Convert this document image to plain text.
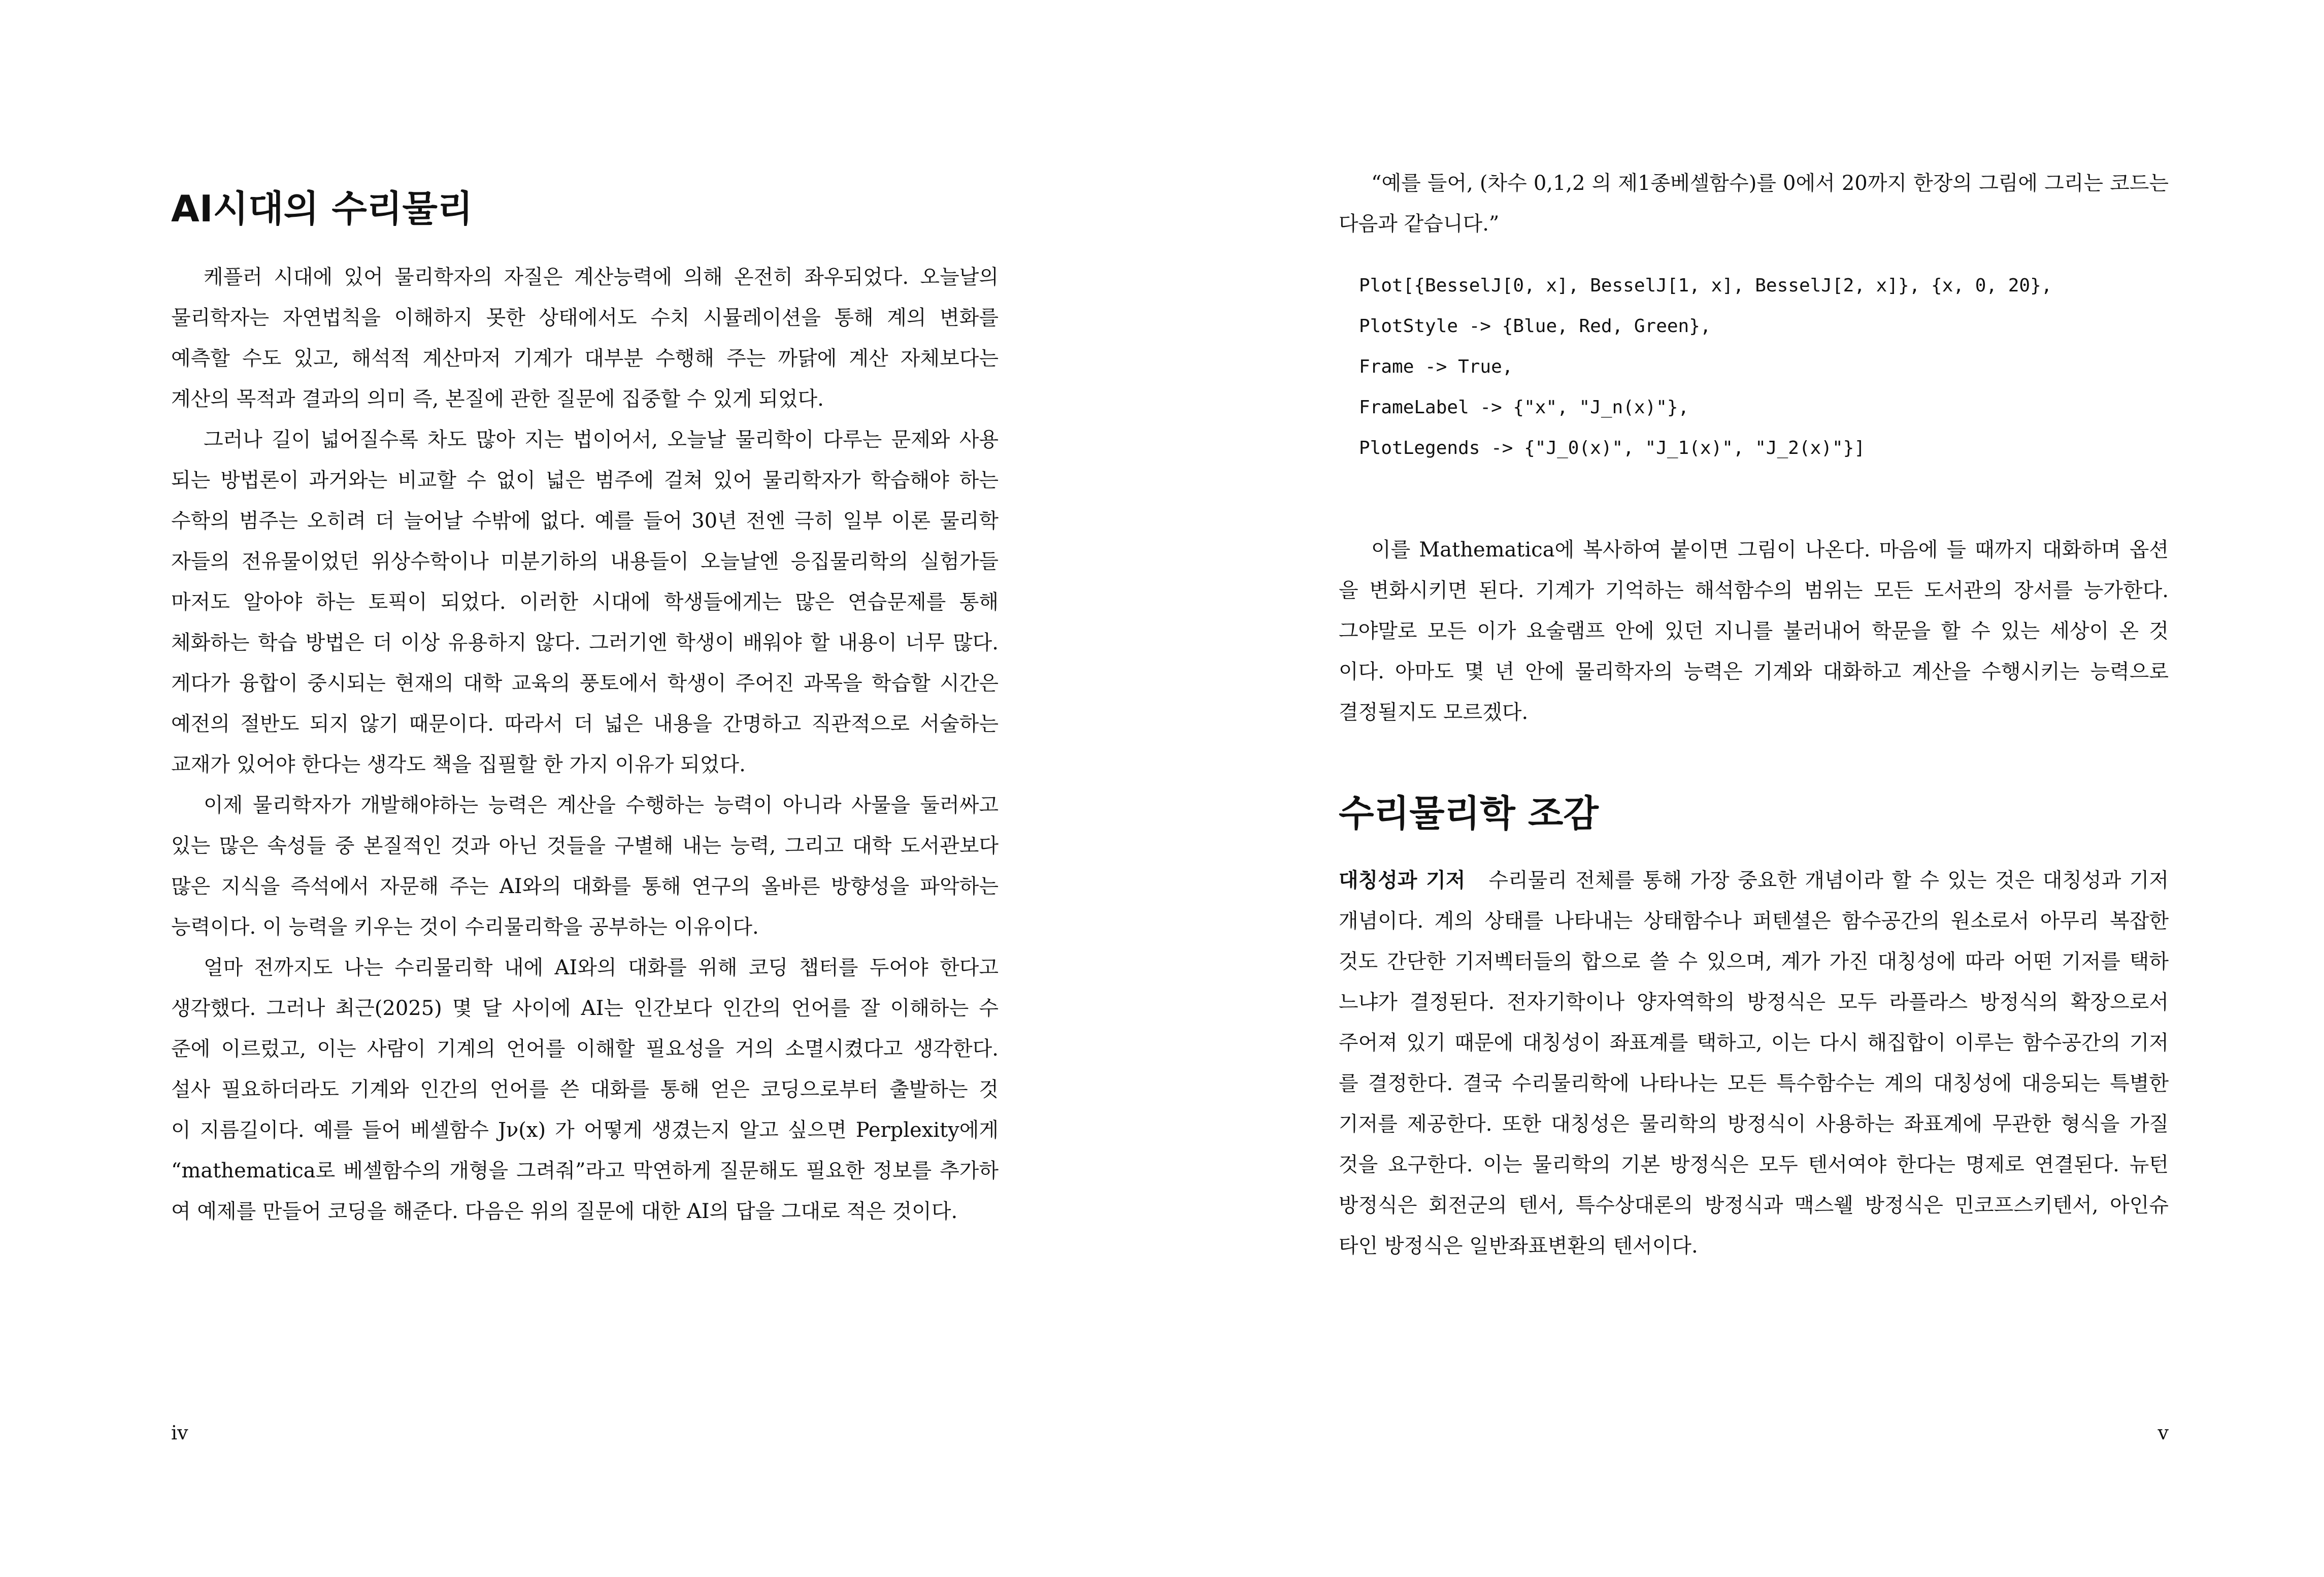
AI시대의 수리물리
케플러 시대에 있어 물리학자의 자질은 계산능력에 의해 온전히 좌우되었다. 오늘날의
물리학자는 자연법칙을 이해하지 못한 상태에서도 수치 시뮬레이션을 통해 계의 변화를
예측할 수도 있고, 해석적 계산마저 기계가 대부분 수행해 주는 까닭에 계산 자체보다는
계산의 목적과 결과의 의미 즉, 본질에 관한 질문에 집중할 수 있게 되었다.
그러나 길이 넓어질수록 차도 많아 지는 법이어서, 오늘날 물리학이 다루는 문제와 사용
되는 방법론이 과거와는 비교할 수 없이 넓은 범주에 걸쳐 있어 물리학자가 학습해야 하는
수학의 범주는 오히려 더 늘어날 수밖에 없다. 예를 들어 30년 전엔 극히 일부 이론 물리학
자들의 전유물이었던 위상수학이나 미분기하의 내용들이 오늘날엔 응집물리학의 실험가들
마저도 알아야 하는 토픽이 되었다. 이러한 시대에 학생들에게는 많은 연습문제를 통해
체화하는 학습 방법은 더 이상 유용하지 않다. 그러기엔 학생이 배워야 할 내용이 너무 많다.
게다가 융합이 중시되는 현재의 대학 교육의 풍토에서 학생이 주어진 과목을 학습할 시간은
예전의 절반도 되지 않기 때문이다. 따라서 더 넓은 내용을 간명하고 직관적으로 서술하는
교재가 있어야 한다는 생각도 책을 집필할 한 가지 이유가 되었다.
이제 물리학자가 개발해야하는 능력은 계산을 수행하는 능력이 아니라 사물을 둘러싸고
있는 많은 속성들 중 본질적인 것과 아닌 것들을 구별해 내는 능력, 그리고 대학 도서관보다
많은 지식을 즉석에서 자문해 주는 AI와의 대화를 통해 연구의 올바른 방향성을 파악하는
능력이다. 이 능력을 키우는 것이 수리물리학을 공부하는 이유이다.
얼마 전까지도 나는 수리물리학 내에 AI와의 대화를 위해 코딩 챕터를 두어야 한다고
생각했다. 그러나 최근(2025) 몇 달 사이에 AI는 인간보다 인간의 언어를 잘 이해하는 수
준에 이르렀고, 이는 사람이 기계의 언어를 이해할 필요성을 거의 소멸시켰다고 생각한다.
설사 필요하더라도 기계와 인간의 언어를 쓴 대화를 통해 얻은 코딩으로부터 출발하는 것
이 지름길이다. 예를 들어 베셀함수 Jν(x) 가 어떻게 생겼는지 알고 싶으면 Perplexity에게
“mathematica로 베셀함수의 개형을 그려줘”라고 막연하게 질문해도 필요한 정보를 추가하
여 예제를 만들어 코딩을 해준다. 다음은 위의 질문에 대한 AI의 답을 그대로 적은 것이다.
iv
“예를 들어, (차수 0,1,2 의 제1종베셀함수)를 0에서 20까지 한장의 그림에 그리는 코드는
다음과 같습니다.”
Plot[{BesselJ[0, x], BesselJ[1, x], BesselJ[2, x]}, {x, 0, 20},
PlotStyle -> {Blue, Red, Green},
Frame -> True,
FrameLabel -> {"x", "J_n(x)"},
PlotLegends -> {"J_0(x)", "J_1(x)", "J_2(x)"}]
이를 Mathematica에 복사하여 붙이면 그림이 나온다. 마음에 들 때까지 대화하며 옵션
을 변화시키면 된다. 기계가 기억하는 해석함수의 범위는 모든 도서관의 장서를 능가한다.
그야말로 모든 이가 요술램프 안에 있던 지니를 불러내어 학문을 할 수 있는 세상이 온 것
이다. 아마도 몇 년 안에 물리학자의 능력은 기계와 대화하고 계산을 수행시키는 능력으로
결정될지도 모르겠다.
수리물리학 조감
대칭성과 기저 수리물리 전체를 통해 가장 중요한 개념이라 할 수 있는 것은 대칭성과 기저
개념이다. 계의 상태를 나타내는 상태함수나 퍼텐셜은 함수공간의 원소로서 아무리 복잡한
것도 간단한 기저벡터들의 합으로 쓸 수 있으며, 계가 가진 대칭성에 따라 어떤 기저를 택하
느냐가 결정된다. 전자기학이나 양자역학의 방정식은 모두 라플라스 방정식의 확장으로서
주어져 있기 때문에 대칭성이 좌표계를 택하고, 이는 다시 해집합이 이루는 함수공간의 기저
를 결정한다. 결국 수리물리학에 나타나는 모든 특수함수는 계의 대칭성에 대응되는 특별한
기저를 제공한다. 또한 대칭성은 물리학의 방정식이 사용하는 좌표계에 무관한 형식을 가질
것을 요구한다. 이는 물리학의 기본 방정식은 모두 텐서여야 한다는 명제로 연결된다. 뉴턴
방정식은 회전군의 텐서, 특수상대론의 방정식과 맥스웰 방정식은 민코프스키텐서, 아인슈
타인 방정식은 일반좌표변환의 텐서이다.
v
